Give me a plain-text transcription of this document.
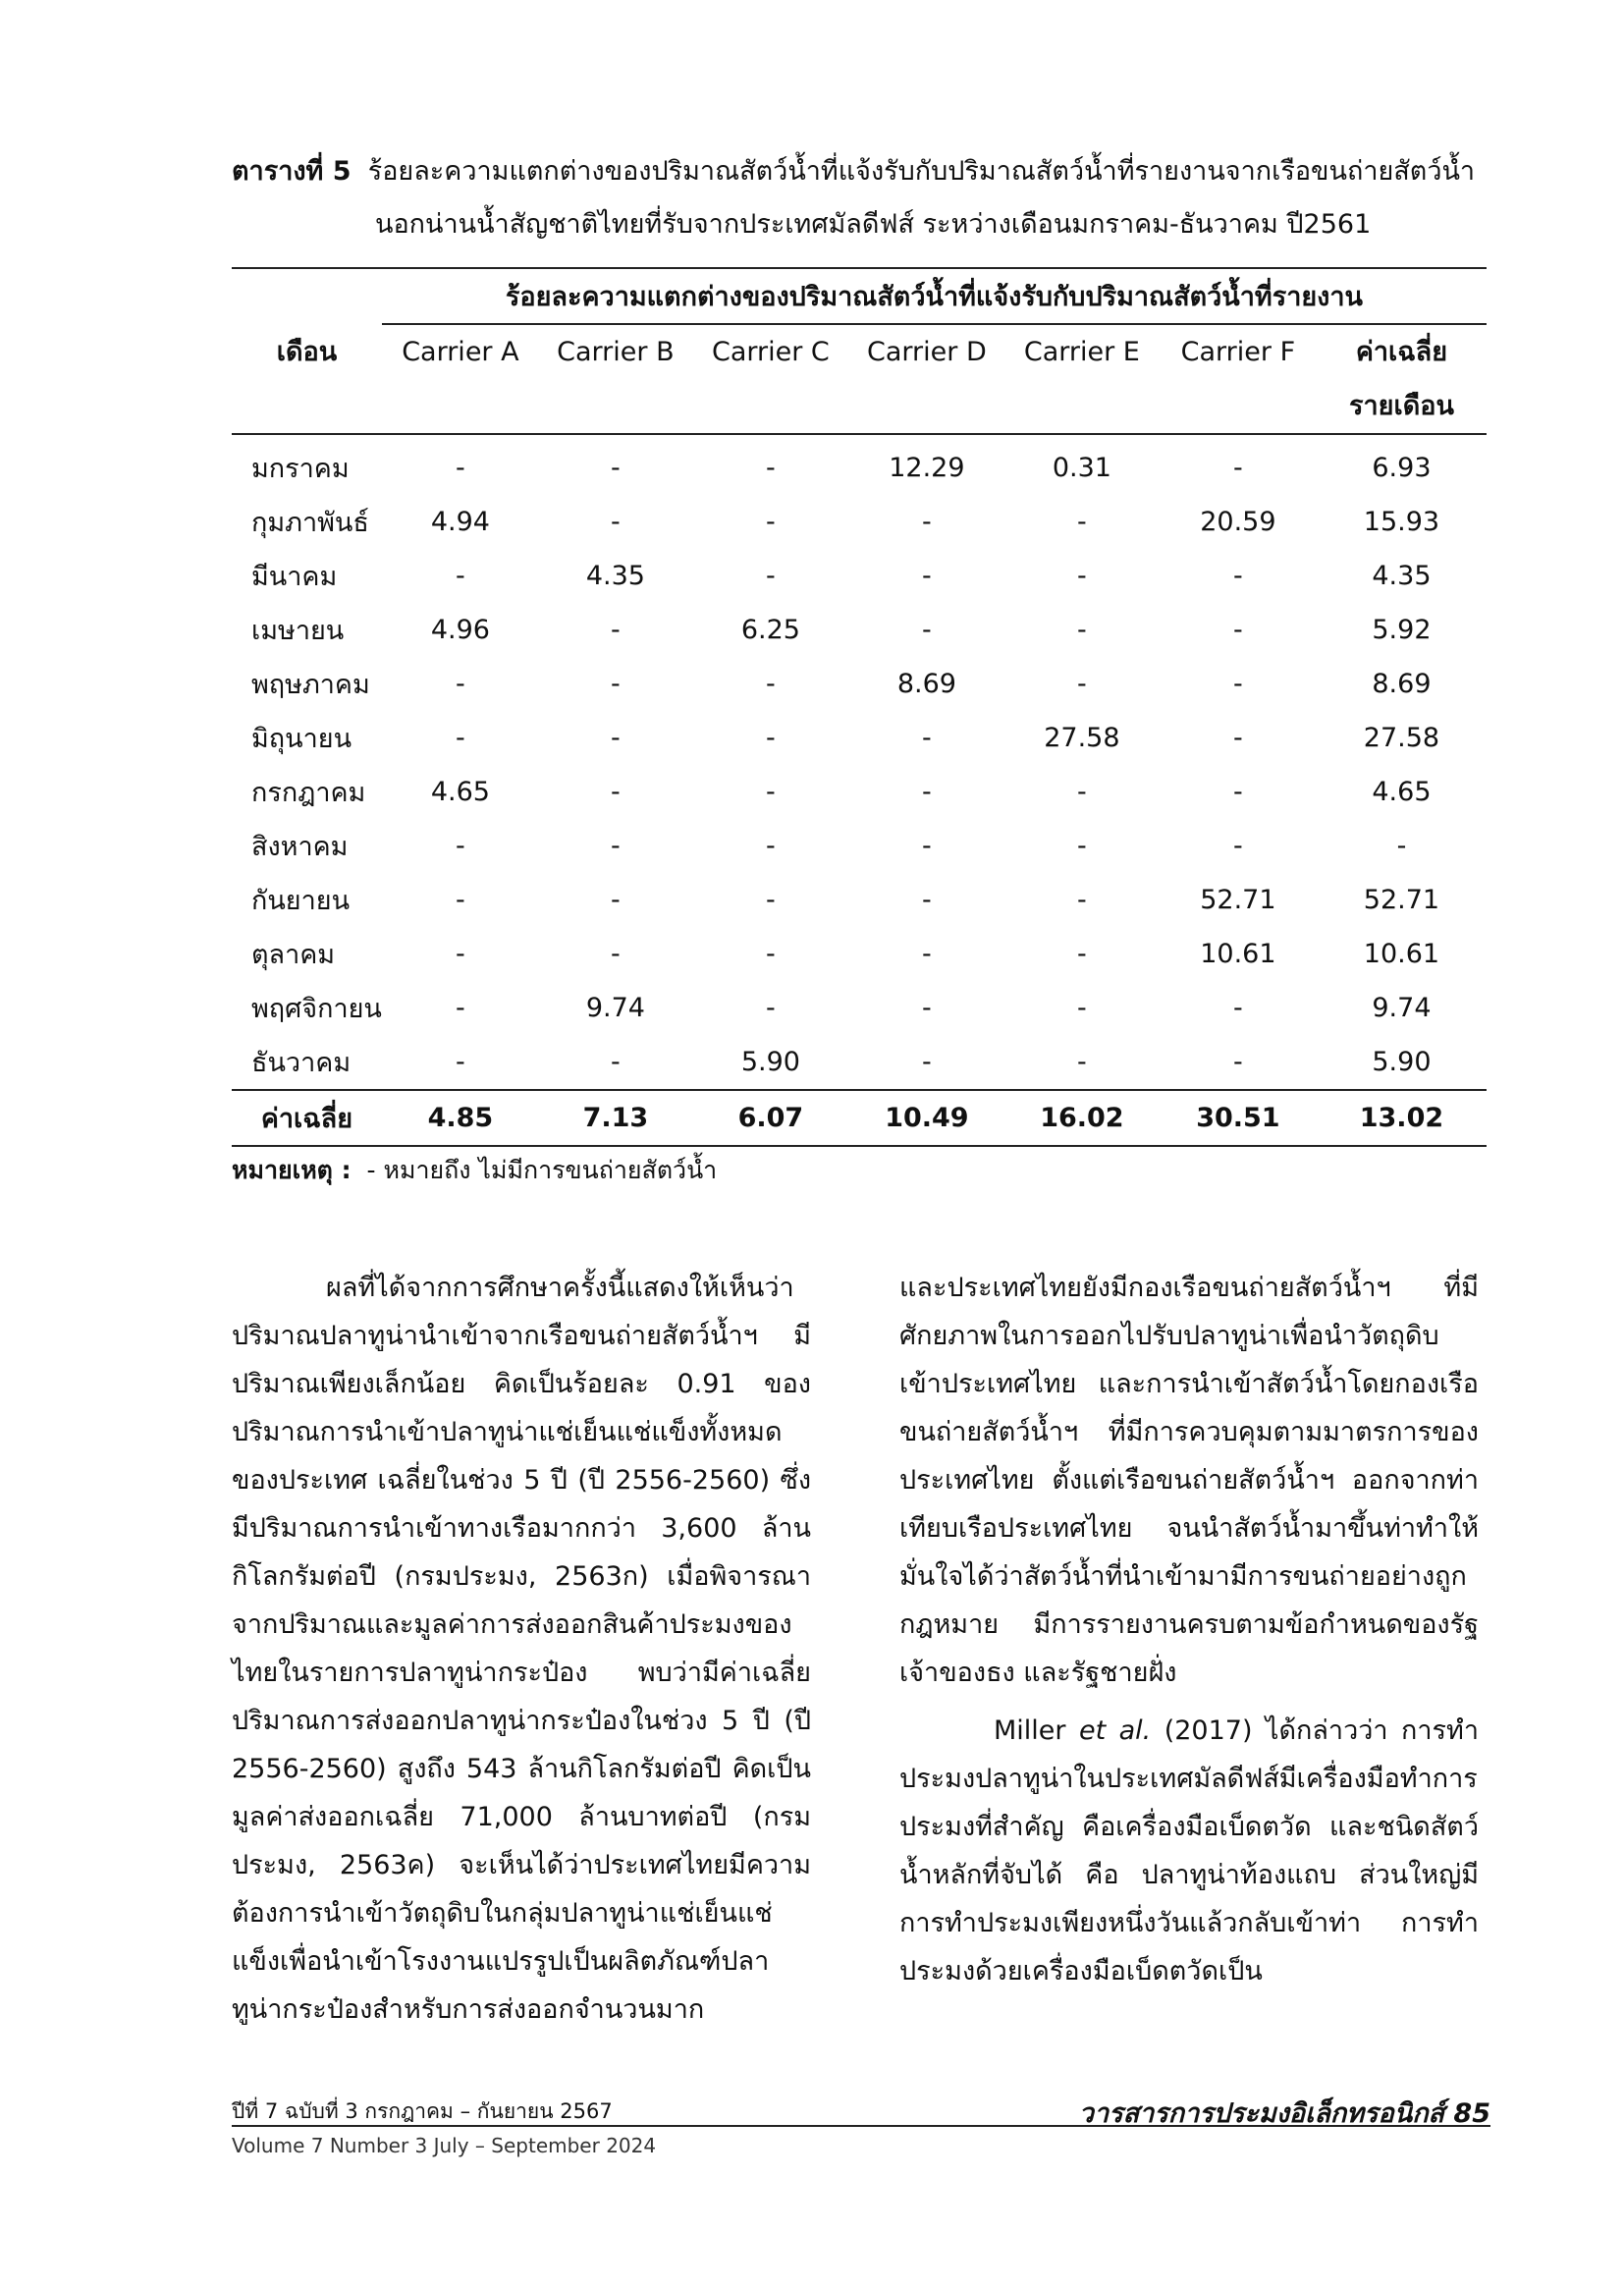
ตารางที่ 5 ร้อยละความแตกต่างของปริมาณสัตว์น้ำที่แจ้งรับกับปริมาณสัตว์น้ำที่รายงานจากเรือขนถ่ายสัตว์น้ำ
นอกน่านน้ำสัญชาติไทยที่รับจากประเทศมัลดีฟส์ ระหว่างเดือนมกราคม-ธันวาคม ปี2561
เดือน	ร้อยละความแตกต่างของปริมาณสัตว์น้ำที่แจ้งรับกับปริมาณสัตว์น้ำที่รายงาน						
	Carrier A	Carrier B	Carrier C	Carrier D	Carrier E	Carrier F	ค่าเฉลี่ย
							รายเดือน
มกราคม	-	-	-	12.29	0.31	-	6.93
กุมภาพันธ์	4.94	-	-	-	-	20.59	15.93
มีนาคม	-	4.35	-	-	-	-	4.35
เมษายน	4.96	-	6.25	-	-	-	5.92
พฤษภาคม	-	-	-	8.69	-	-	8.69
มิถุนายน	-	-	-	-	27.58	-	27.58
กรกฎาคม	4.65	-	-	-	-	-	4.65
สิงหาคม	-	-	-	-	-	-	-
กันยายน	-	-	-	-	-	52.71	52.71
ตุลาคม	-	-	-	-	-	10.61	10.61
พฤศจิกายน	-	9.74	-	-	-	-	9.74
ธันวาคม	-	-	5.90	-	-	-	5.90
ค่าเฉลี่ย	4.85	7.13	6.07	10.49	16.02	30.51	13.02
หมายเหตุ : - หมายถึง ไม่มีการขนถ่ายสัตว์น้ำ

ผลที่ได้จากการศึกษาครั้งนี้แสดงให้เห็นว่าปริมาณปลาทูน่านำเข้าจากเรือขนถ่ายสัตว์น้ำฯ มีปริมาณเพียงเล็กน้อย คิดเป็นร้อยละ 0.91 ของปริมาณการนำเข้าปลาทูน่าแช่เย็นแช่แข็งทั้งหมดของประเทศ เฉลี่ยในช่วง 5 ปี (ปี 2556-2560) ซึ่งมีปริมาณการนำเข้าทางเรือมากกว่า 3,600 ล้านกิโลกรัมต่อปี (กรมประมง, 2563ก) เมื่อพิจารณาจากปริมาณและมูลค่าการส่งออกสินค้าประมงของไทยในรายการปลาทูน่ากระป๋อง พบว่ามีค่าเฉลี่ยปริมาณการส่งออกปลาทูน่ากระป๋องในช่วง 5 ปี (ปี 2556-2560) สูงถึง 543 ล้านกิโลกรัมต่อปี คิดเป็นมูลค่าส่งออกเฉลี่ย 71,000 ล้านบาทต่อปี (กรมประมง, 2563ค) จะเห็นได้ว่าประเทศไทยมีความต้องการนำเข้าวัตถุดิบในกลุ่มปลาทูน่าแช่เย็นแช่แข็งเพื่อนำเข้าโรงงานแปรรูปเป็นผลิตภัณฑ์ปลาทูน่ากระป๋องสำหรับการส่งออกจำนวนมาก

และประเทศไทยยังมีกองเรือขนถ่ายสัตว์น้ำฯ ที่มีศักยภาพในการออกไปรับปลาทูน่าเพื่อนำวัตถุดิบเข้าประเทศไทย และการนำเข้าสัตว์น้ำโดยกองเรือขนถ่ายสัตว์น้ำฯ ที่มีการควบคุมตามมาตรการของประเทศไทย ตั้งแต่เรือขนถ่ายสัตว์น้ำฯ ออกจากท่าเทียบเรือประเทศไทย จนนำสัตว์น้ำมาขึ้นท่าทำให้มั่นใจได้ว่าสัตว์น้ำที่นำเข้ามามีการขนถ่ายอย่างถูกกฎหมาย มีการรายงานครบตามข้อกำหนดของรัฐเจ้าของธง และรัฐชายฝั่ง

Miller et al. (2017) ได้กล่าวว่า การทำประมงปลาทูน่าในประเทศมัลดีฟส์มีเครื่องมือทำการประมงที่สำคัญ คือเครื่องมือเบ็ดตวัด และชนิดสัตว์น้ำหลักที่จับได้ คือ ปลาทูน่าท้องแถบ ส่วนใหญ่มีการทำประมงเพียงหนึ่งวันแล้วกลับเข้าท่า การทำประมงด้วยเครื่องมือเบ็ดตวัดเป็น

ปีที่ 7 ฉบับที่ 3 กรกฎาคม – กันยายน 2567
Volume 7 Number 3 July – September 2024
วารสารการประมงอิเล็กทรอนิกส์ 85
